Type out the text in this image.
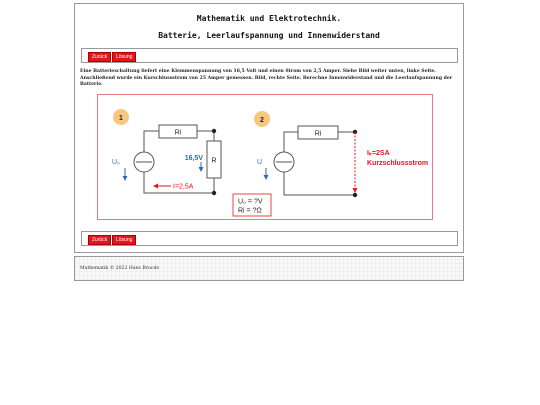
Mathematik und Elektrotechnik.
Batterie, Leerlaufspannung und Innenwiderstand
Zurück	Lösung
Eine Batterieschaltung liefert eine Klemmenspannung von 16,5 Volt und einen Strom von 2,5 Amper. Siehe Bild weiter unten, linke Seite. Anschließend wurde ein Kurschlussstrom von 25 Amper gemessen. Bild, rechte Seite. Berechne Innenwiderstand und die Leerlaufspannung der Batterie.
1
Ri
U₀	R
16,5V
I=2,5A
2
Ri
U
Iₖ=2SA
Kurzschlussstrom
U₀ = ?V
Ri = ?Ω
Zurück	Lösung
Mathematik © 2022 Hans Brucde
